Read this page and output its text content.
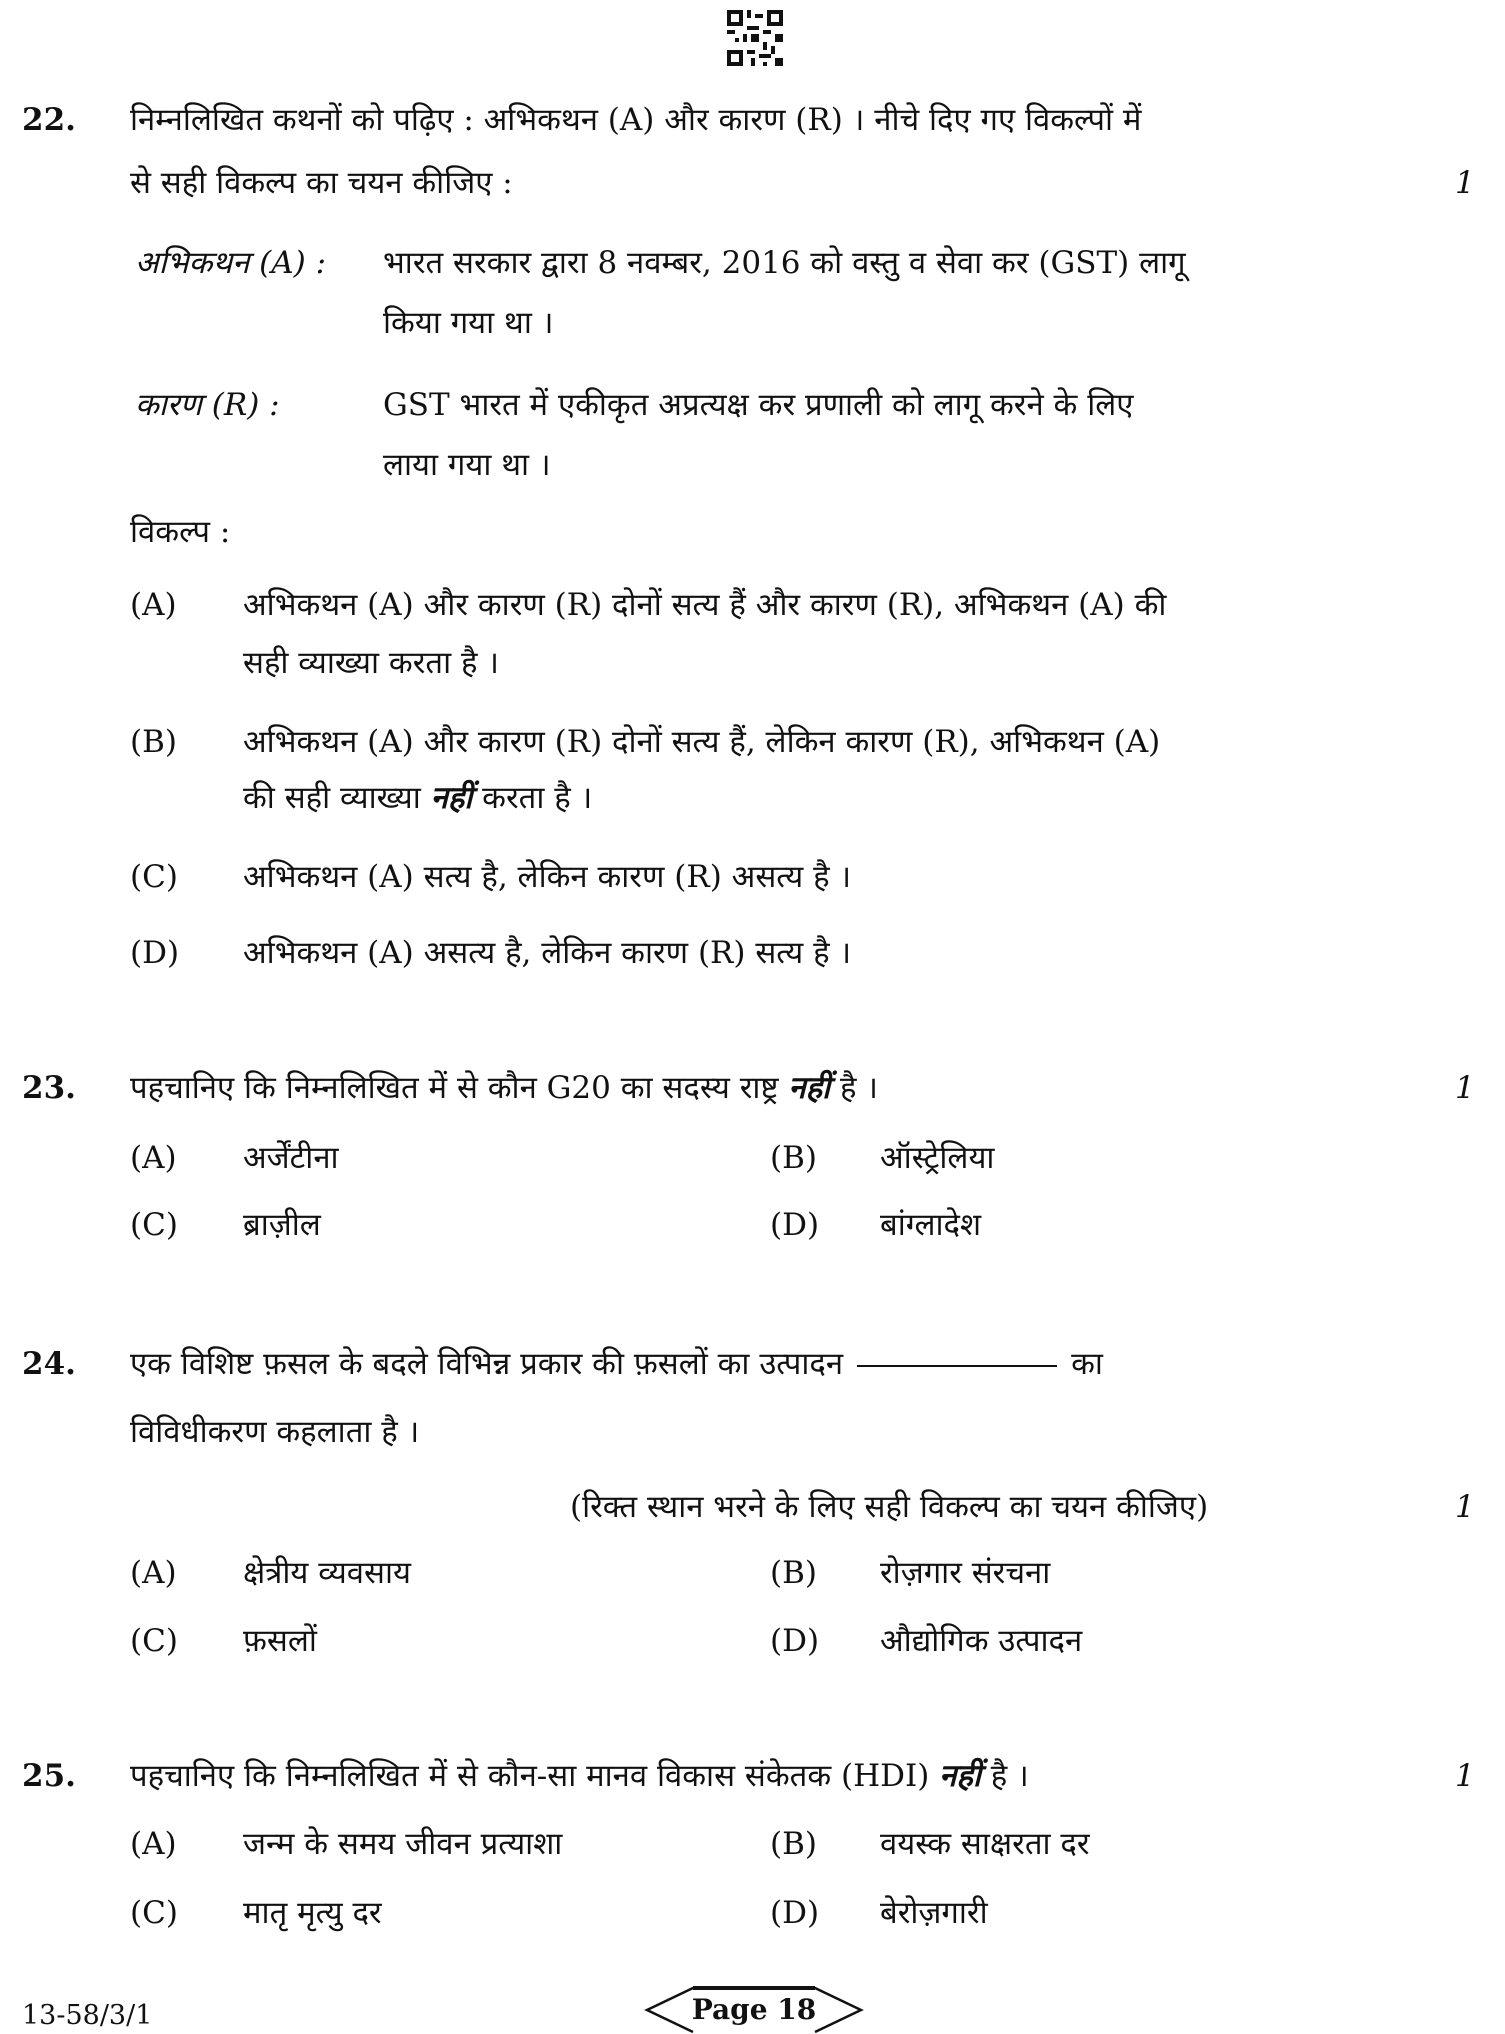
22. निम्नलिखित कथनों को पढ़िए : अभिकथन (A) और कारण (R) । नीचे दिए गए विकल्पों में
से सही विकल्प का चयन कीजिए :	1
अभिकथन (A) : भारत सरकार द्वारा 8 नवम्बर, 2016 को वस्तु व सेवा कर (GST) लागू
किया गया था ।
कारण (R) :	GST भारत में एकीकृत अप्रत्यक्ष कर प्रणाली को लागू करने के लिए
लाया गया था ।
विकल्प :
(A) अभिकथन (A) और कारण (R) दोनों सत्य हैं और कारण (R), अभिकथन (A) की
सही व्याख्या करता है ।
(B) अभिकथन (A) और कारण (R) दोनों सत्य हैं, लेकिन कारण (R), अभिकथन (A)
की सही व्याख्या नहीं करता है ।
(C) अभिकथन (A) सत्य है, लेकिन कारण (R) असत्य है ।
(D) अभिकथन (A) असत्य है, लेकिन कारण (R) सत्य है ।
23. पहचानिए कि निम्नलिखित में से कौन G20 का सदस्य राष्ट्र नहीं है ।	1
(A) अर्जेंटीना	(B) ऑस्ट्रेलिया
(C) ब्राज़ील	(D) बांग्लादेश
24. एक विशिष्ट फ़सल के बदले विभिन्न प्रकार की फ़सलों का उत्पादन	का
विविधीकरण कहलाता है ।
(रिक्त स्थान भरने के लिए सही विकल्प का चयन कीजिए)	1
(A) क्षेत्रीय व्यवसाय	(B) रोज़गार संरचना
(C) फ़सलों	(D) औद्योगिक उत्पादन
25. पहचानिए कि निम्नलिखित में से कौन-सा मानव विकास संकेतक (HDI) नहीं है ।	1
(A) जन्म के समय जीवन प्रत्याशा	(B) वयस्क साक्षरता दर
(C) मातृ मृत्यु दर	(D) बेरोज़गारी
13-58/3/1	Page 18
